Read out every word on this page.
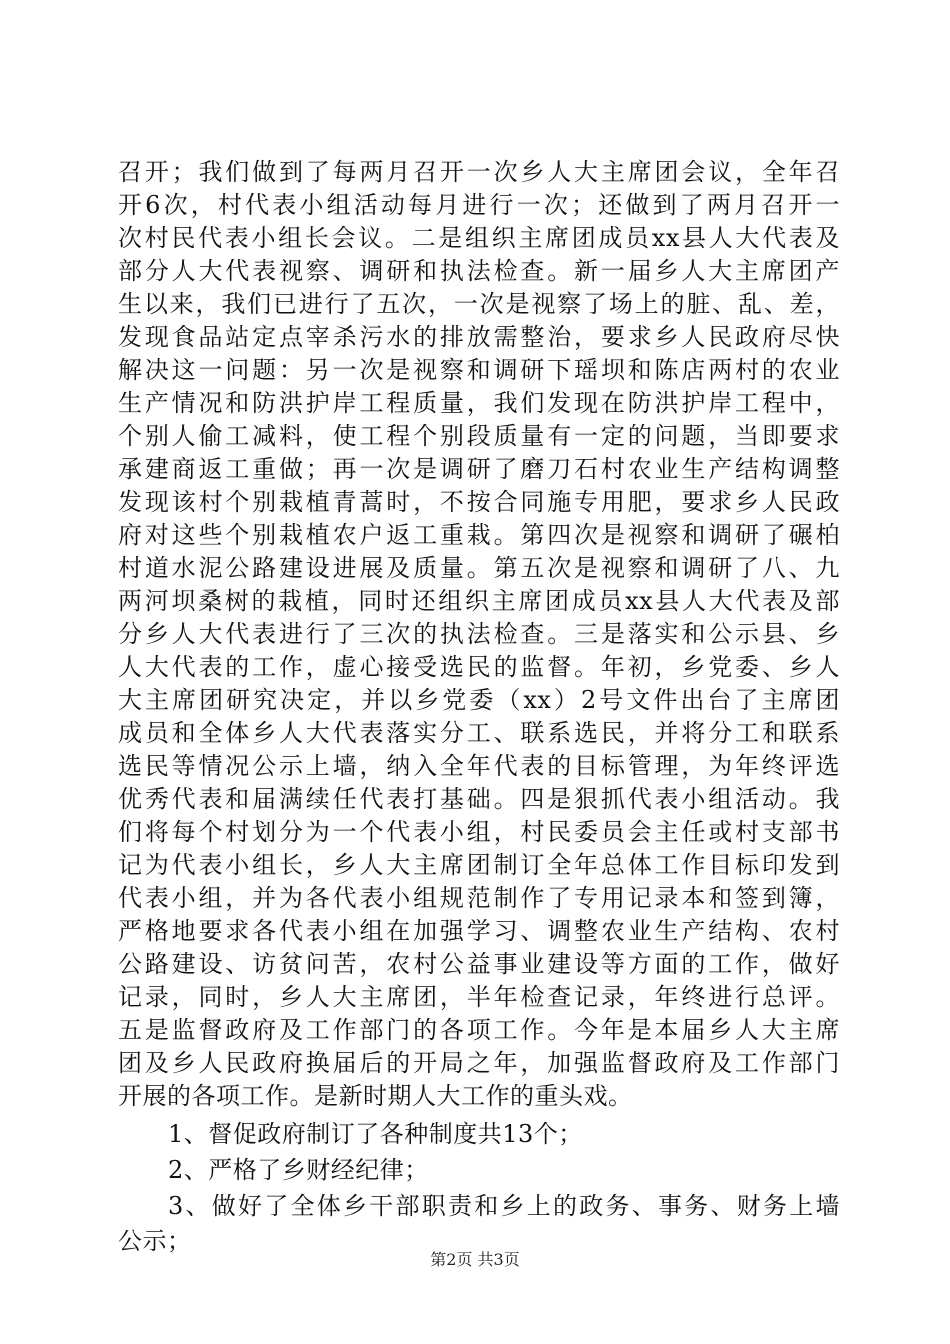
召开；我们做到了每两月召开一次乡人大主席团会议，全年召
开6次，村代表小组活动每月进行一次；还做到了两月召开一
次村民代表小组长会议。二是组织主席团成员xx县人大代表及
部分人大代表视察、调研和执法检查。新一届乡人大主席团产
生以来，我们已进行了五次，一次是视察了场上的脏、乱、差，
发现食品站定点宰杀污水的排放需整治，要求乡人民政府尽快
解决这一问题：另一次是视察和调研下瑶坝和陈店两村的农业
生产情况和防洪护岸工程质量，我们发现在防洪护岸工程中，
个别人偷工减料，使工程个别段质量有一定的问题，当即要求
承建商返工重做；再一次是调研了磨刀石村农业生产结构调整
发现该村个别栽植青蒿时，不按合同施专用肥，要求乡人民政
府对这些个别栽植农户返工重栽。第四次是视察和调研了碾柏
村道水泥公路建设进展及质量。第五次是视察和调研了八、九
两河坝桑树的栽植，同时还组织主席团成员xx县人大代表及部
分乡人大代表进行了三次的执法检查。三是落实和公示县、乡
人大代表的工作，虚心接受选民的监督。年初，乡党委、乡人
大主席团研究决定，并以乡党委（xx）2号文件出台了主席团
成员和全体乡人大代表落实分工、联系选民，并将分工和联系
选民等情况公示上墙，纳入全年代表的目标管理，为年终评选
优秀代表和届满续任代表打基础。四是狠抓代表小组活动。我
们将每个村划分为一个代表小组，村民委员会主任或村支部书
记为代表小组长，乡人大主席团制订全年总体工作目标印发到
代表小组，并为各代表小组规范制作了专用记录本和签到簿，
严格地要求各代表小组在加强学习、调整农业生产结构、农村
公路建设、访贫问苦，农村公益事业建设等方面的工作，做好
记录，同时，乡人大主席团，半年检查记录，年终进行总评。
五是监督政府及工作部门的各项工作。今年是本届乡人大主席
团及乡人民政府换届后的开局之年，加强监督政府及工作部门
开展的各项工作。是新时期人大工作的重头戏。
1、督促政府制订了各种制度共13个；
2、严格了乡财经纪律；
3、做好了全体乡干部职责和乡上的政务、事务、财务上墙
公示；
第2页 共3页
